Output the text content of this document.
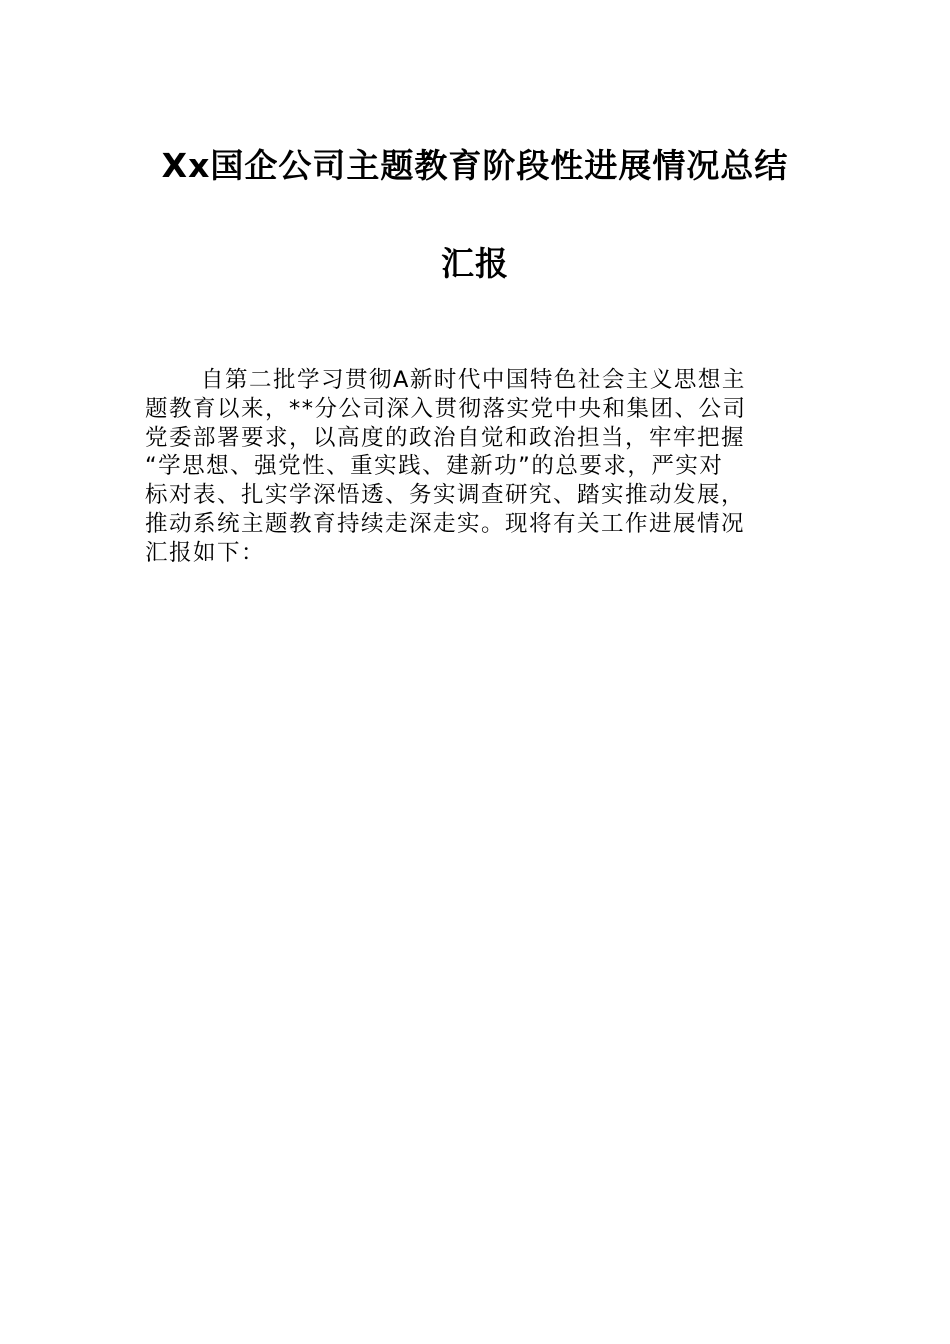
Xx国企公司主题教育阶段性进展情况总结
汇报
自第二批学习贯彻A新时代中国特色社会主义思想主
题教育以来，**分公司深入贯彻落实党中央和集团、公司
党委部署要求，以高度的政治自觉和政治担当，牢牢把握
“学思想、强党性、重实践、建新功”的总要求，严实对
标对表、扎实学深悟透、务实调查研究、踏实推动发展，
推动系统主题教育持续走深走实。现将有关工作进展情况
汇报如下：
